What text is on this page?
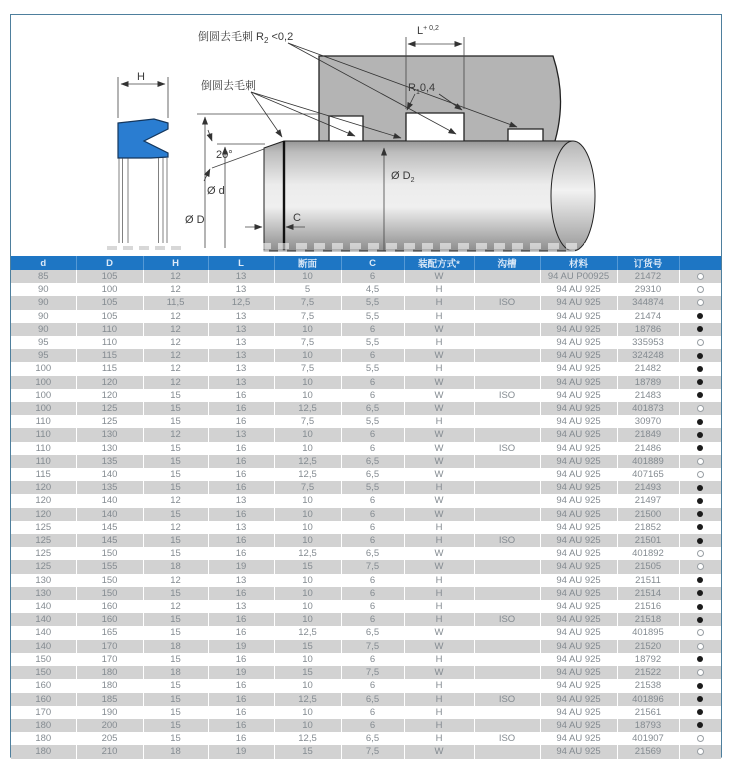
H
Ø D
Ø d
20°
倒圆去毛刺 $R_2 <0,2$
倒圆去毛刺
$L^{+ 0,2}$
$R_10,4$
Ø $D_2$
C
d	D	H	L	断面	C	装配方式*	沟槽	材料	订货号	
85	105	12	13	10	6	W		94 AU P00925	21472	
90	100	12	13	5	4,5	H		94 AU 925	29310	
90	105	11,5	12,5	7,5	5,5	H	ISO	94 AU 925	344874	
90	105	12	13	7,5	5,5	H		94 AU 925	21474	
90	110	12	13	10	6	W		94 AU 925	18786	
95	110	12	13	7,5	5,5	H		94 AU 925	335953	
95	115	12	13	10	6	W		94 AU 925	324248	
100	115	12	13	7,5	5,5	H		94 AU 925	21482	
100	120	12	13	10	6	W		94 AU 925	18789	
100	120	15	16	10	6	W	ISO	94 AU 925	21483	
100	125	15	16	12,5	6,5	W		94 AU 925	401873	
110	125	15	16	7,5	5,5	H		94 AU 925	30970	
110	130	12	13	10	6	W		94 AU 925	21849	
110	130	15	16	10	6	W	ISO	94 AU 925	21486	
110	135	15	16	12,5	6,5	W		94 AU 925	401889	
115	140	15	16	12,5	6,5	W		94 AU 925	407165	
120	135	15	16	7,5	5,5	H		94 AU 925	21493	
120	140	12	13	10	6	W		94 AU 925	21497	
120	140	15	16	10	6	W		94 AU 925	21500	
125	145	12	13	10	6	H		94 AU 925	21852	
125	145	15	16	10	6	H	ISO	94 AU 925	21501	
125	150	15	16	12,5	6,5	W		94 AU 925	401892	
125	155	18	19	15	7,5	W		94 AU 925	21505	
130	150	12	13	10	6	H		94 AU 925	21511	
130	150	15	16	10	6	H		94 AU 925	21514	
140	160	12	13	10	6	H		94 AU 925	21516	
140	160	15	16	10	6	H	ISO	94 AU 925	21518	
140	165	15	16	12,5	6,5	W		94 AU 925	401895	
140	170	18	19	15	7,5	W		94 AU 925	21520	
150	170	15	16	10	6	H		94 AU 925	18792	
150	180	18	19	15	7,5	W		94 AU 925	21522	
160	180	15	16	10	6	H		94 AU 925	21538	
160	185	15	16	12,5	6,5	H	ISO	94 AU 925	401896	
170	190	15	16	10	6	H		94 AU 925	21561	
180	200	15	16	10	6	H		94 AU 925	18793	
180	205	15	16	12,5	6,5	H	ISO	94 AU 925	401907	
180	210	18	19	15	7,5	W		94 AU 925	21569	
